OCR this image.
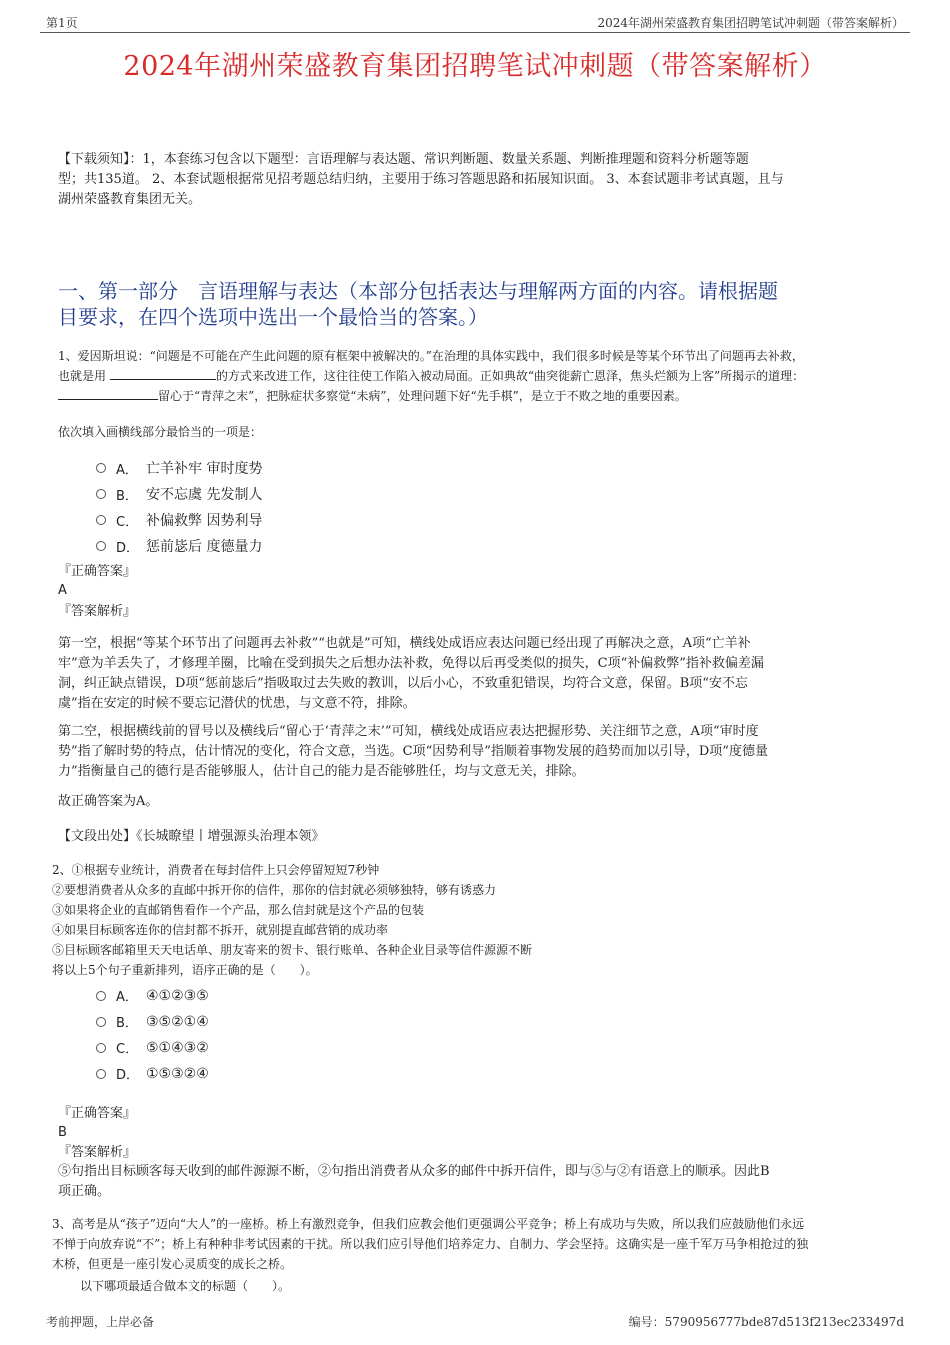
第1页	2024年湖州荣盛教育集团招聘笔试冲刺题（带答案解析）
2024年湖州荣盛教育集团招聘笔试冲刺题（带答案解析）
【下载须知】：1，本套练习包含以下题型：言语理解与表达题、常识判断题、数量关系题、判断推理题和资料分析题等题
型；共135道。 2、本套试题根据常见招考题总结归纳，主要用于练习答题思路和拓展知识面。 3、本套试题非考试真题，且与
湖州荣盛教育集团无关。
一、第一部分　言语理解与表达（本部分包括表达与理解两方面的内容。请根据题
目要求，在四个选项中选出一个最恰当的答案。）
1、爱因斯坦说：“问题是不可能在产生此问题的原有框架中被解决的。”在治理的具体实践中，我们很多时候是等某个环节出了问题再去补救，
也就是用	的方式来改进工作，这往往使工作陷入被动局面。正如典故“曲突徙薪亡恩泽，焦头烂额为上客”所揭示的道理：
留心于“青萍之末”，把脉症状多察觉“未病”，处理问题下好“先手棋”，是立于不败之地的重要因素。
依次填入画横线部分最恰当的一项是：
A． 亡羊补牢 审时度势
B． 安不忘虞 先发制人
C． 补偏救弊 因势利导
D． 惩前毖后 度德量力
『正确答案』
A
『答案解析』
第一空，根据“等某个环节出了问题再去补救”“也就是”可知，横线处成语应表达问题已经出现了再解决之意，A项“亡羊补
牢”意为羊丢失了，才修理羊圈，比喻在受到损失之后想办法补救，免得以后再受类似的损失，C项“补偏救弊”指补救偏差漏
洞，纠正缺点错误，D项“惩前毖后”指吸取过去失败的教训，以后小心，不致重犯错误，均符合文意，保留。B项“安不忘
虞”指在安定的时候不要忘记潜伏的忧患，与文意不符，排除。
第二空，根据横线前的冒号以及横线后“留心于‘青萍之末’”可知，横线处成语应表达把握形势、关注细节之意，A项“审时度
势”指了解时势的特点，估计情况的变化，符合文意，当选。C项“因势利导”指顺着事物发展的趋势而加以引导，D项“度德量
力”指衡量自己的德行是否能够服人，估计自己的能力是否能够胜任，均与文意无关，排除。
故正确答案为A。
【文段出处】《长城瞭望丨增强源头治理本领》
2、①根据专业统计，消费者在每封信件上只会停留短短7秒钟
②要想消费者从众多的直邮中拆开你的信件，那你的信封就必须够独特，够有诱惑力
③如果将企业的直邮销售看作一个产品，那么信封就是这个产品的包装
④如果目标顾客连你的信封都不拆开，就别提直邮营销的成功率
⑤目标顾客邮箱里天天电话单、朋友寄来的贺卡、银行账单、各种企业目录等信件源源不断
将以上5个句子重新排列，语序正确的是（　　）。
A． ④①②③⑤
B． ③⑤②①④
C． ⑤①④③②
D． ①⑤③②④
『正确答案』
B
『答案解析』
⑤句指出目标顾客每天收到的邮件源源不断，②句指出消费者从众多的邮件中拆开信件，即与⑤与②有语意上的顺承。因此B
项正确。
3、高考是从“孩子”迈向“大人”的一座桥。桥上有激烈竞争，但我们应教会他们更强调公平竞争；桥上有成功与失败，所以我们应鼓励他们永远
不惮于向放弃说“不”；桥上有种种非考试因素的干扰。所以我们应引导他们培养定力、自制力、学会坚持。这确实是一座千军万马争相抢过的独
木桥，但更是一座引发心灵质变的成长之桥。
以下哪项最适合做本文的标题（　　）。
考前押题，上岸必备	编号：5790956777bde87d513f213ec233497d
